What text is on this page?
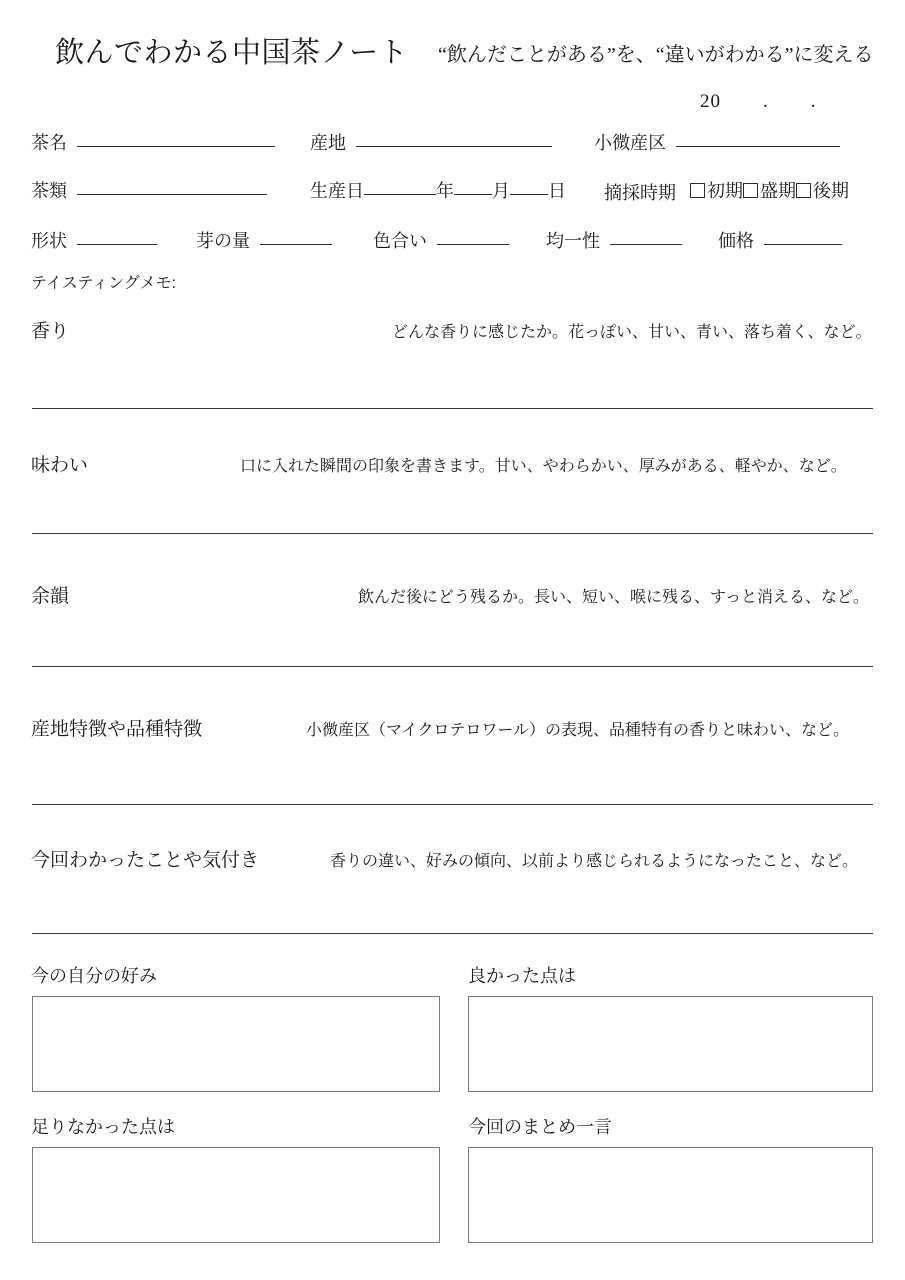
飲んでわかる中国茶ノート “飲んだことがある”を、“違いがわかる”に変える
20 . .
茶名	産地	小微産区
茶類	生産日	年 月 日 摘採時期 初期 盛期 後期
形状	芽の量	色合い	均一性	価格
テイスティングメモ:
香り	どんな香りに感じたか。花っぽい、甘い、青い、落ち着く、など。
味わい	口に入れた瞬間の印象を書きます。甘い、やわらかい、厚みがある、軽やか、など。
余韻	飲んだ後にどう残るか。長い、短い、喉に残る、すっと消える、など。
産地特徴や品種特徴	小微産区（マイクロテロワール）の表現、品種特有の香りと味わい、など。
今回わかったことや気付き	香りの違い、好みの傾向、以前より感じられるようになったこと、など。
今の自分の好み	良かった点は
足りなかった点は	今回のまとめ一言
